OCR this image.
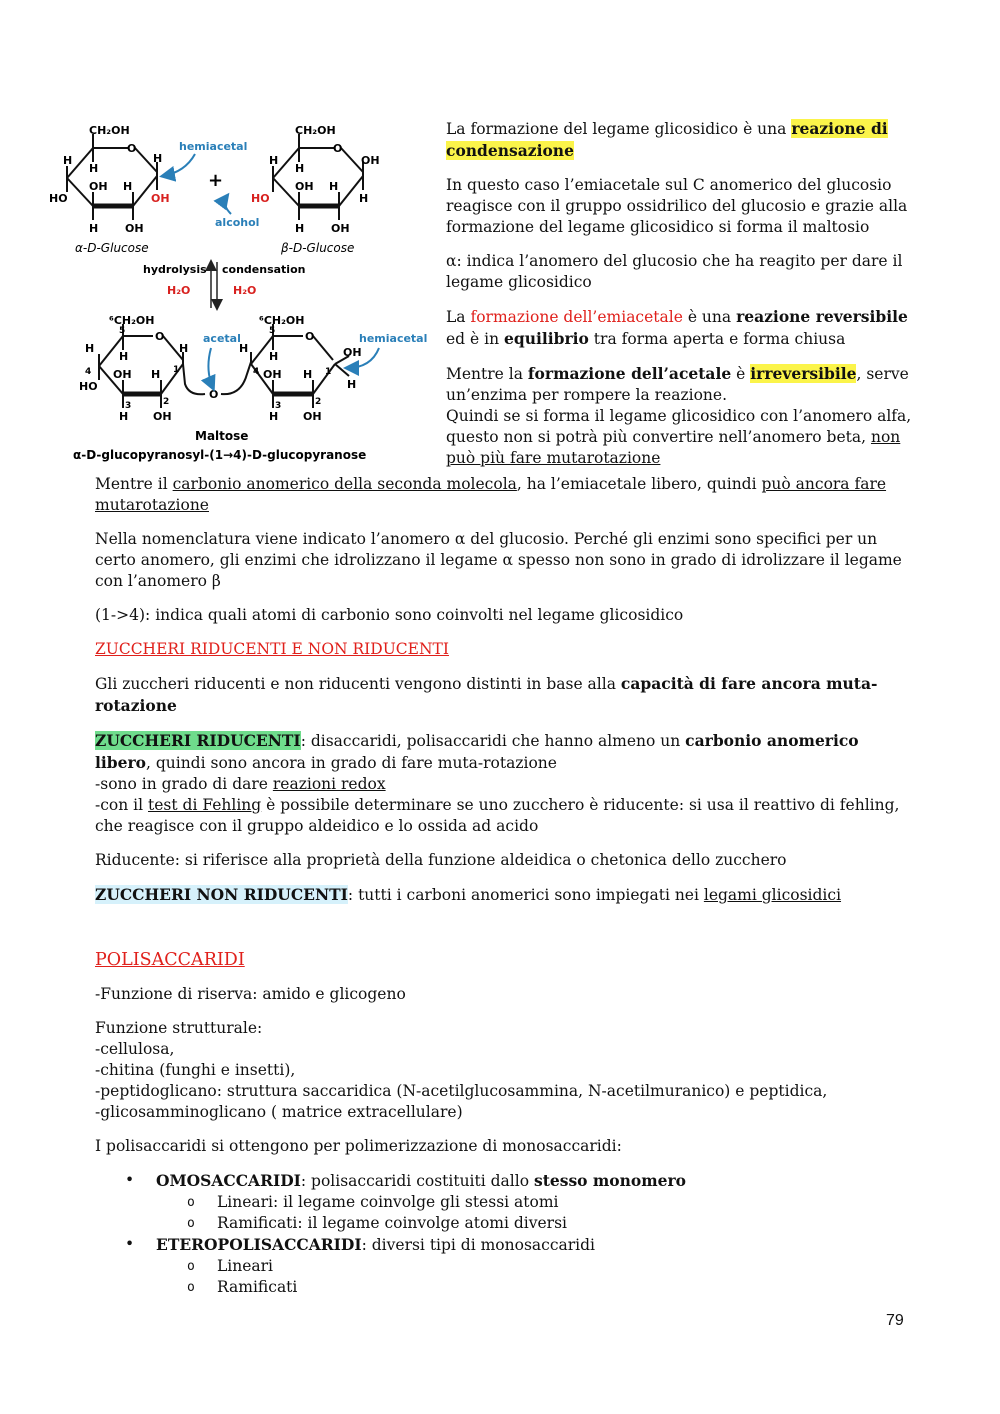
CH₂OH
O
H
H
H
OH H
HO	OH
H OH
α-D-Glucose
hemiacetal
+
alcohol
CH₂OH
O
H
H
OH
OH H
HO	H
H OH
β-D-Glucose
hydrolysis condensation
H₂O	H₂O
⁶CH₂OH
O
5
H
H
H
1
4 OH H
HO
3	2
H OH
O
⁶CH₂OH
O
5
H
H	OH
4	1
OH H
H
3	2
H OH
acetal	hemiacetal
Maltose
α-D-glucopyranosyl-(1→4)-D-glucopyranose

La formazione del legame glicosidico è una reazione di condensazione

In questo caso l’emiacetale sul C anomerico del glucosio reagisce con il gruppo ossidrilico del glucosio e grazie alla formazione del legame glicosidico si forma il maltosio

α: indica l’anomero del glucosio che ha reagito per dare il legame glicosidico

La formazione dell’emiacetale è una reazione reversibile ed è in equilibrio tra forma aperta e forma chiusa

Mentre la formazione dell’acetale è irreversibile, serve un’enzima per rompere la reazione.
Quindi se si forma il legame glicosidico con l’anomero alfa, questo non si potrà più convertire nell’anomero beta, non può più fare mutarotazione

Mentre il carbonio anomerico della seconda molecola, ha l’emiacetale libero, quindi può ancora fare mutarotazione

Nella nomenclatura viene indicato l’anomero α del glucosio. Perché gli enzimi sono specifici per un certo anomero, gli enzimi che idrolizzano il legame α spesso non sono in grado di idrolizzare il legame con l’anomero β

(1->4): indica quali atomi di carbonio sono coinvolti nel legame glicosidico

ZUCCHERI RIDUCENTI E NON RIDUCENTI

Gli zuccheri riducenti e non riducenti vengono distinti in base alla capacità di fare ancora muta-rotazione

ZUCCHERI RIDUCENTI: disaccaridi, polisaccaridi che hanno almeno un carbonio anomerico libero, quindi sono ancora in grado di fare muta-rotazione
-sono in grado di dare reazioni redox
-con il test di Fehling è possibile determinare se uno zucchero è riducente: si usa il reattivo di fehling, che reagisce con il gruppo aldeidico e lo ossida ad acido

Riducente: si riferisce alla proprietà della funzione aldeidica o chetonica dello zucchero

ZUCCHERI NON RIDUCENTI: tutti i carboni anomerici sono impiegati nei legami glicosidici

POLISACCARIDI

-Funzione di riserva: amido e glicogeno

Funzione strutturale:
-cellulosa,
-chitina (funghi e insetti),
-peptidoglicano: struttura saccaridica (N-acetilglucosammina, N-acetilmuranico) e peptidica,
-glicosamminoglicano ( matrice extracellulare)

I polisaccaridi si ottengono per polimerizzazione di monosaccaridi:

• OMOSACCARIDI: polisaccaridi costituiti dallo stesso monomero
o Lineari: il legame coinvolge gli stessi atomi
o Ramificati: il legame coinvolge atomi diversi
• ETEROPOLISACCARIDI: diversi tipi di monosaccaridi
o Lineari
o Ramificati
79
